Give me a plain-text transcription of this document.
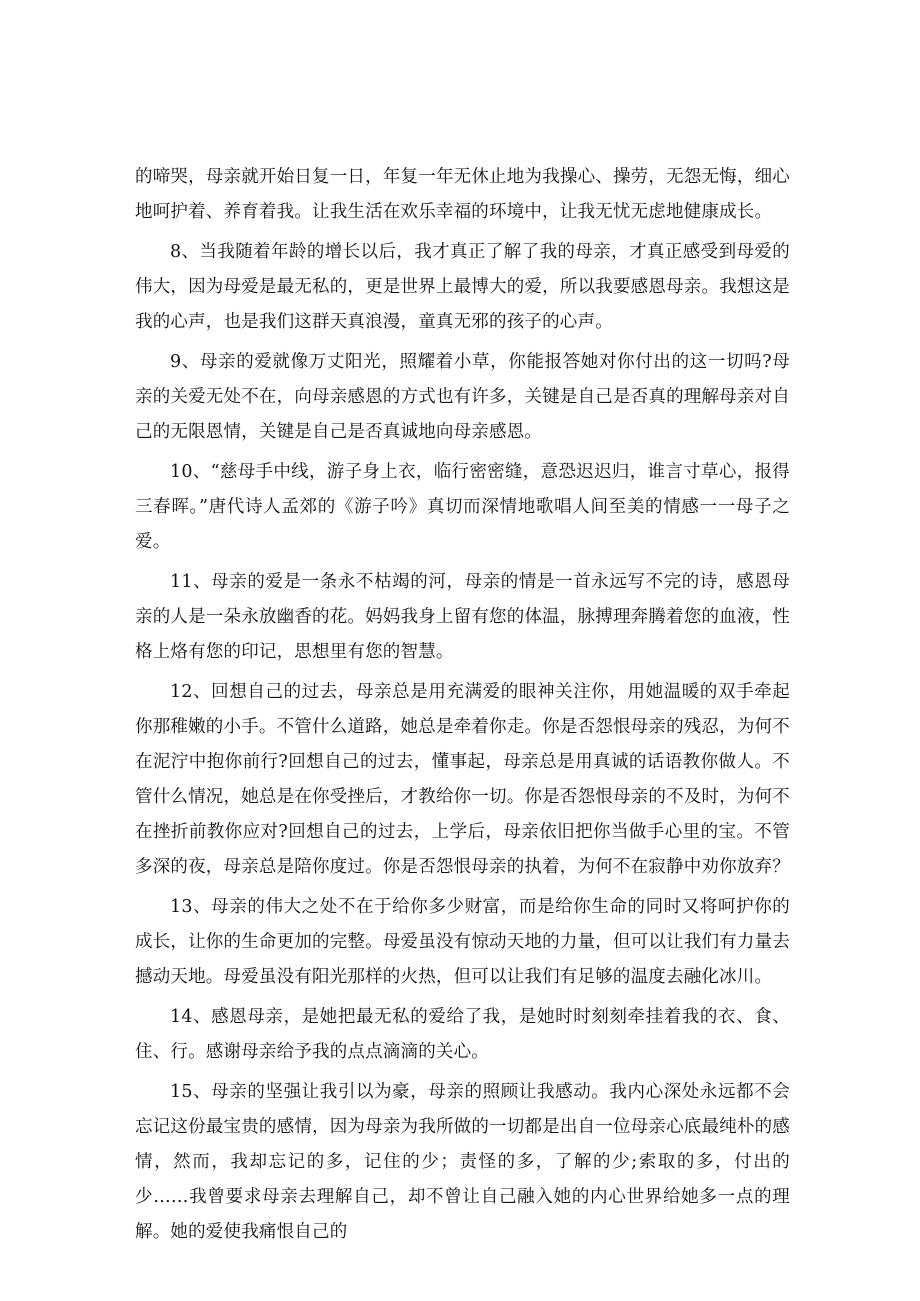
的啼哭，母亲就开始日复一日，年复一年无休止地为我操心、操劳，无怨无悔，细心地呵护着、养育着我。让我生活在欢乐幸福的环境中，让我无忧无虑地健康成长。

8、当我随着年龄的增长以后，我才真正了解了我的母亲，才真正感受到母爱的伟大，因为母爱是最无私的，更是世界上最博大的爱，所以我要感恩母亲。我想这是我的心声，也是我们这群天真浪漫，童真无邪的孩子的心声。

9、母亲的爱就像万丈阳光，照耀着小草，你能报答她对你付出的这一切吗?母亲的关爱无处不在，向母亲感恩的方式也有许多，关键是自己是否真的理解母亲对自己的无限恩情，关键是自己是否真诚地向母亲感恩。

10、“慈母手中线，游子身上衣，临行密密缝，意恐迟迟归，谁言寸草心，报得三春晖。”唐代诗人孟郊的《游子吟》真切而深情地歌唱人间至美的情感一一母子之爱。

11、母亲的爱是一条永不枯竭的河，母亲的情是一首永远写不完的诗，感恩母亲的人是一朵永放幽香的花。妈妈我身上留有您的体温，脉搏理奔腾着您的血液，性格上烙有您的印记，思想里有您的智慧。

12、回想自己的过去，母亲总是用充满爱的眼神关注你，用她温暖的双手牵起你那稚嫩的小手。不管什么道路，她总是牵着你走。你是否怨恨母亲的残忍，为何不在泥泞中抱你前行?回想自己的过去，懂事起，母亲总是用真诚的话语教你做人。不管什么情况，她总是在你受挫后，才教给你一切。你是否怨恨母亲的不及时，为何不在挫折前教你应对?回想自己的过去，上学后，母亲依旧把你当做手心里的宝。不管多深的夜，母亲总是陪你度过。你是否怨恨母亲的执着，为何不在寂静中劝你放弃？

13、母亲的伟大之处不在于给你多少财富，而是给你生命的同时又将呵护你的成长，让你的生命更加的完整。母爱虽没有惊动天地的力量，但可以让我们有力量去撼动天地。母爱虽没有阳光那样的火热，但可以让我们有足够的温度去融化冰川。

14、感恩母亲，是她把最无私的爱给了我，是她时时刻刻牵挂着我的衣、食、住、行。感谢母亲给予我的点点滴滴的关心。

15、母亲的坚强让我引以为豪，母亲的照顾让我感动。我内心深处永远都不会忘记这份最宝贵的感情，因为母亲为我所做的一切都是出自一位母亲心底最纯朴的感情，然而，我却忘记的多，记住的少；责怪的多，了解的少;索取的多，付出的少……我曾要求母亲去理解自己，却不曾让自己融入她的内心世界给她多一点的理解。她的爱使我痛恨自己的
